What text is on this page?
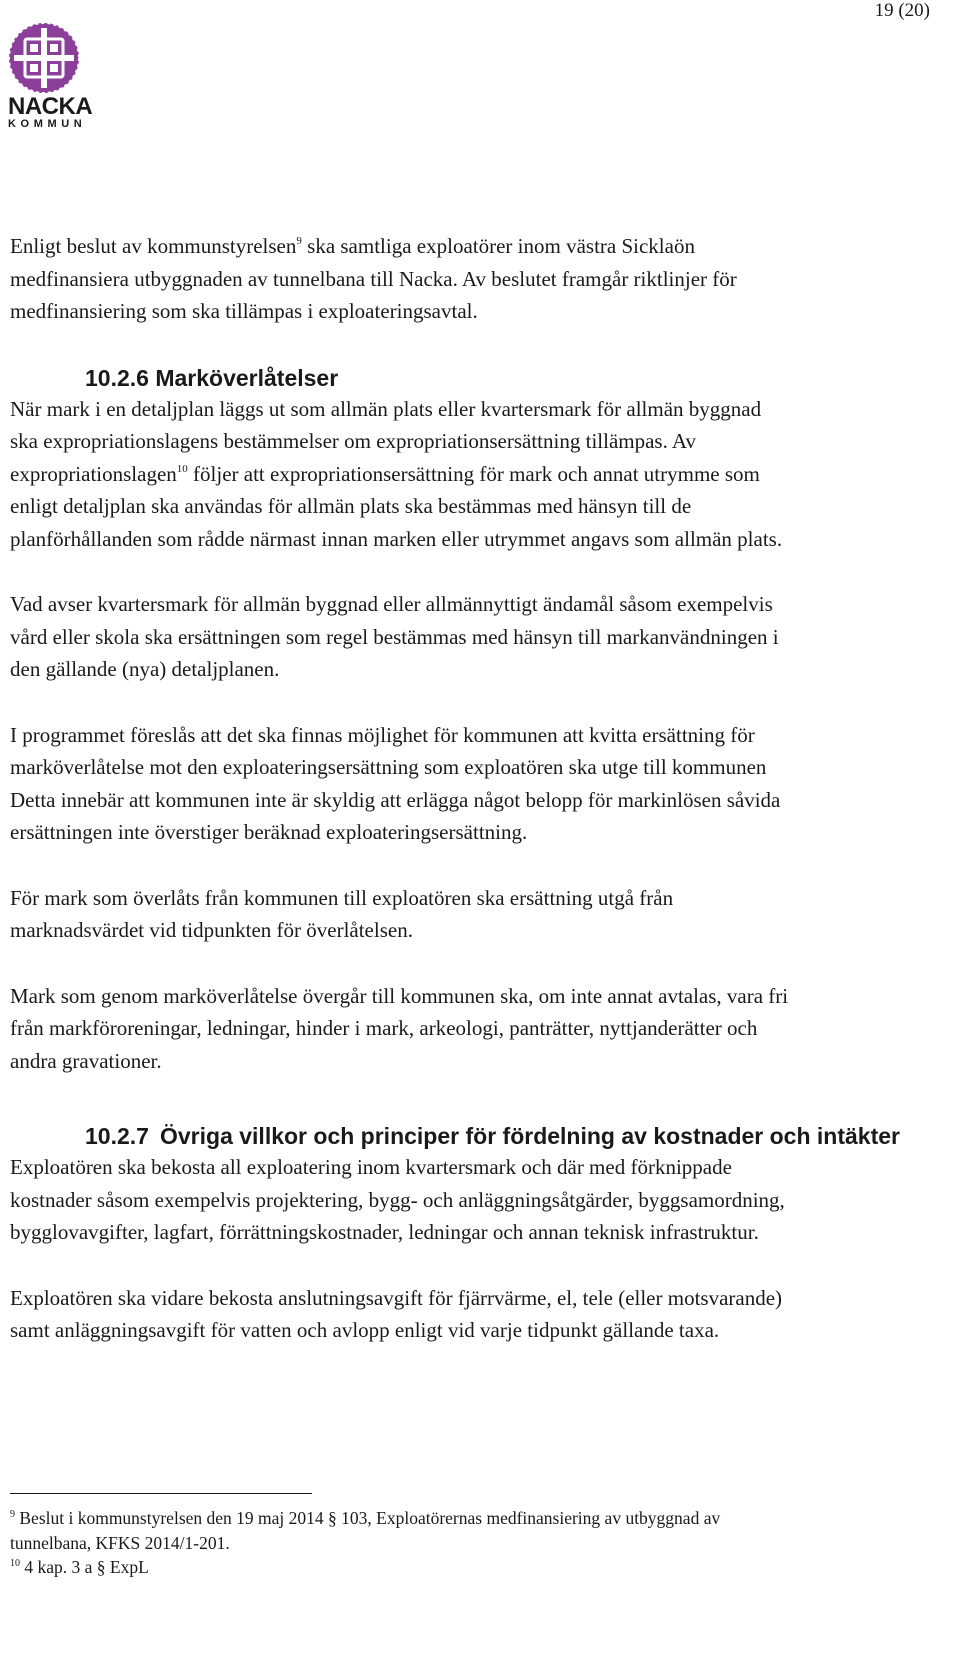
19 (20)
NACKA
KOMMUN

Enligt beslut av kommunstyrelsen$^9$ ska samtliga exploatörer inom västra Sicklaön
medfinansiera utbyggnaden av tunnelbana till Nacka. Av beslutet framgår riktlinjer för
medfinansiering som ska tillämpas i exploateringsavtal.

10.2.6 Marköverlåtelser

När mark i en detaljplan läggs ut som allmän plats eller kvartersmark för allmän byggnad
ska expropriationslagens bestämmelser om expropriationsersättning tillämpas. Av
expropriationslagen$^{10}$ följer att expropriationsersättning för mark och annat utrymme som
enligt detaljplan ska användas för allmän plats ska bestämmas med hänsyn till de
planförhållanden som rådde närmast innan marken eller utrymmet angavs som allmän plats.

Vad avser kvartersmark för allmän byggnad eller allmännyttigt ändamål såsom exempelvis
vård eller skola ska ersättningen som regel bestämmas med hänsyn till markanvändningen i
den gällande (nya) detaljplanen.

I programmet föreslås att det ska finnas möjlighet för kommunen att kvitta ersättning för
marköverlåtelse mot den exploateringsersättning som exploatören ska utge till kommunen
Detta innebär att kommunen inte är skyldig att erlägga något belopp för markinlösen såvida
ersättningen inte överstiger beräknad exploateringsersättning.

För mark som överlåts från kommunen till exploatören ska ersättning utgå från
marknadsvärdet vid tidpunkten för överlåtelsen.

Mark som genom marköverlåtelse övergår till kommunen ska, om inte annat avtalas, vara fri
från markföroreningar, ledningar, hinder i mark, arkeologi, panträtter, nyttjanderätter och
andra gravationer.

10.2.7 Övriga villkor och principer för fördelning av kostnader och intäkter

Exploatören ska bekosta all exploatering inom kvartersmark och där med förknippade
kostnader såsom exempelvis projektering, bygg- och anläggningsåtgärder, byggsamordning,
bygglovavgifter, lagfart, förrättningskostnader, ledningar och annan teknisk infrastruktur.

Exploatören ska vidare bekosta anslutningsavgift för fjärrvärme, el, tele (eller motsvarande)
samt anläggningsavgift för vatten och avlopp enligt vid varje tidpunkt gällande taxa.

$^9$ Beslut i kommunstyrelsen den 19 maj 2014 § 103, Exploatörernas medfinansiering av utbyggnad av
tunnelbana, KFKS 2014/1-201.
$^{10}$ 4 kap. 3 a § ExpL
